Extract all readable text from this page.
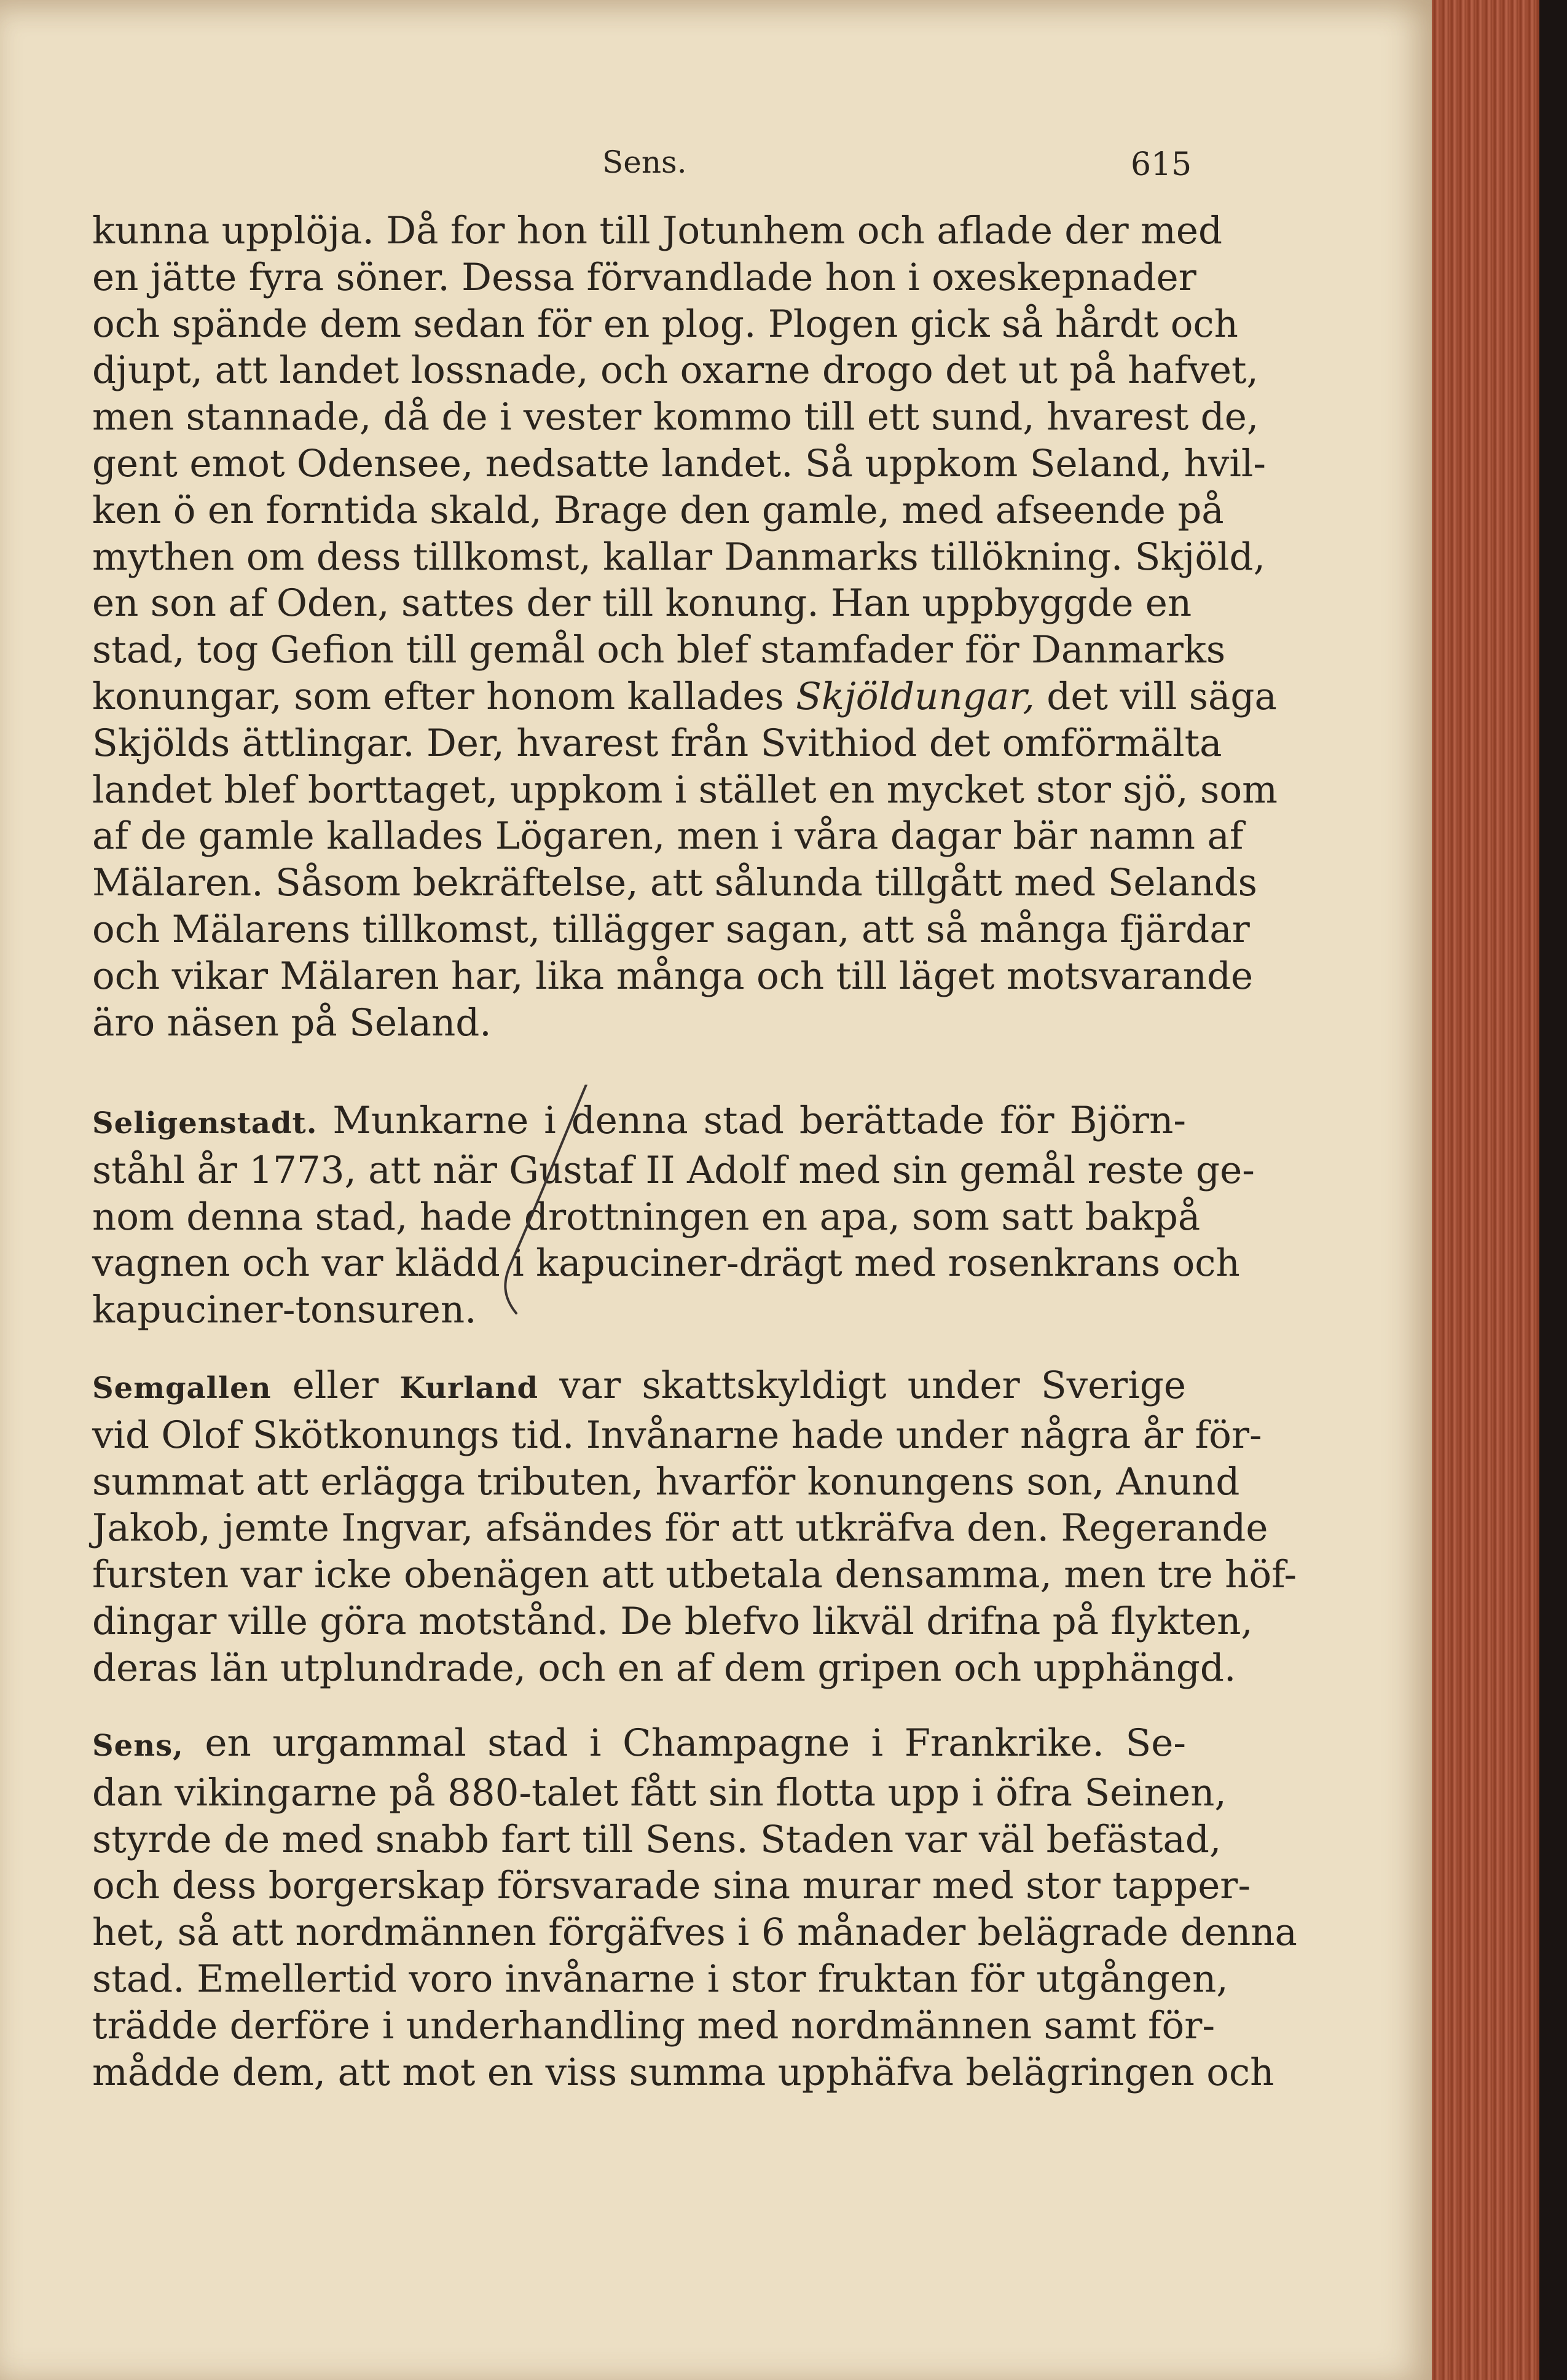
Sens.	615
kunna upplöja. Då for hon till Jotunhem och aflade der med
en jätte fyra söner. Dessa förvandlade hon i oxeskepnader
och spände dem sedan för en plog. Plogen gick så hårdt och
djupt, att landet lossnade, och oxarne drogo det ut på hafvet,
men stannade, då de i vester kommo till ett sund, hvarest de,
gent emot Odensee, nedsatte landet. Så uppkom Seland, hvil-
ken ö en forntida skald, Brage den gamle, med afseende på
mythen om dess tillkomst, kallar Danmarks tillökning. Skjöld,
en son af Oden, sattes der till konung. Han uppbyggde en
stad, tog Gefion till gemål och blef stamfader för Danmarks
konungar, som efter honom kallades Skjöldungar, det vill säga
Skjölds ättlingar. Der, hvarest från Svithiod det omförmälta
landet blef borttaget, uppkom i stället en mycket stor sjö, som
af de gamle kallades Lögaren, men i våra dagar bär namn af
Mälaren. Såsom bekräftelse, att sålunda tillgått med Selands
och Mälarens tillkomst, tillägger sagan, att så många fjärdar
och vikar Mälaren har, lika många och till läget motsvarande
äro näsen på Seland.
Seligenstadt. Munkarne i denna stad berättade för Björn-
ståhl år 1773, att när Gustaf II Adolf med sin gemål reste ge-
nom denna stad, hade drottningen en apa, som satt bakpå
vagnen och var klädd i kapuciner-drägt med rosenkrans och
kapuciner-tonsuren.
Semgallen eller Kurland var skattskyldigt under Sverige
vid Olof Skötkonungs tid. Invånarne hade under några år för-
summat att erlägga tributen, hvarför konungens son, Anund
Jakob, jemte Ingvar, afsändes för att utkräfva den. Regerande
fursten var icke obenägen att utbetala densamma, men tre höf-
dingar ville göra motstånd. De blefvo likväl drifna på flykten,
deras län utplundrade, och en af dem gripen och upphängd.
Sens, en urgammal stad i Champagne i Frankrike. Se-
dan vikingarne på 880-talet fått sin flotta upp i öfra Seinen,
styrde de med snabb fart till Sens. Staden var väl befästad,
och dess borgerskap försvarade sina murar med stor tapper-
het, så att nordmännen förgäfves i 6 månader belägrade denna
stad. Emellertid voro invånarne i stor fruktan för utgången,
trädde derföre i underhandling med nordmännen samt för-
mådde dem, att mot en viss summa upphäfva belägringen och
